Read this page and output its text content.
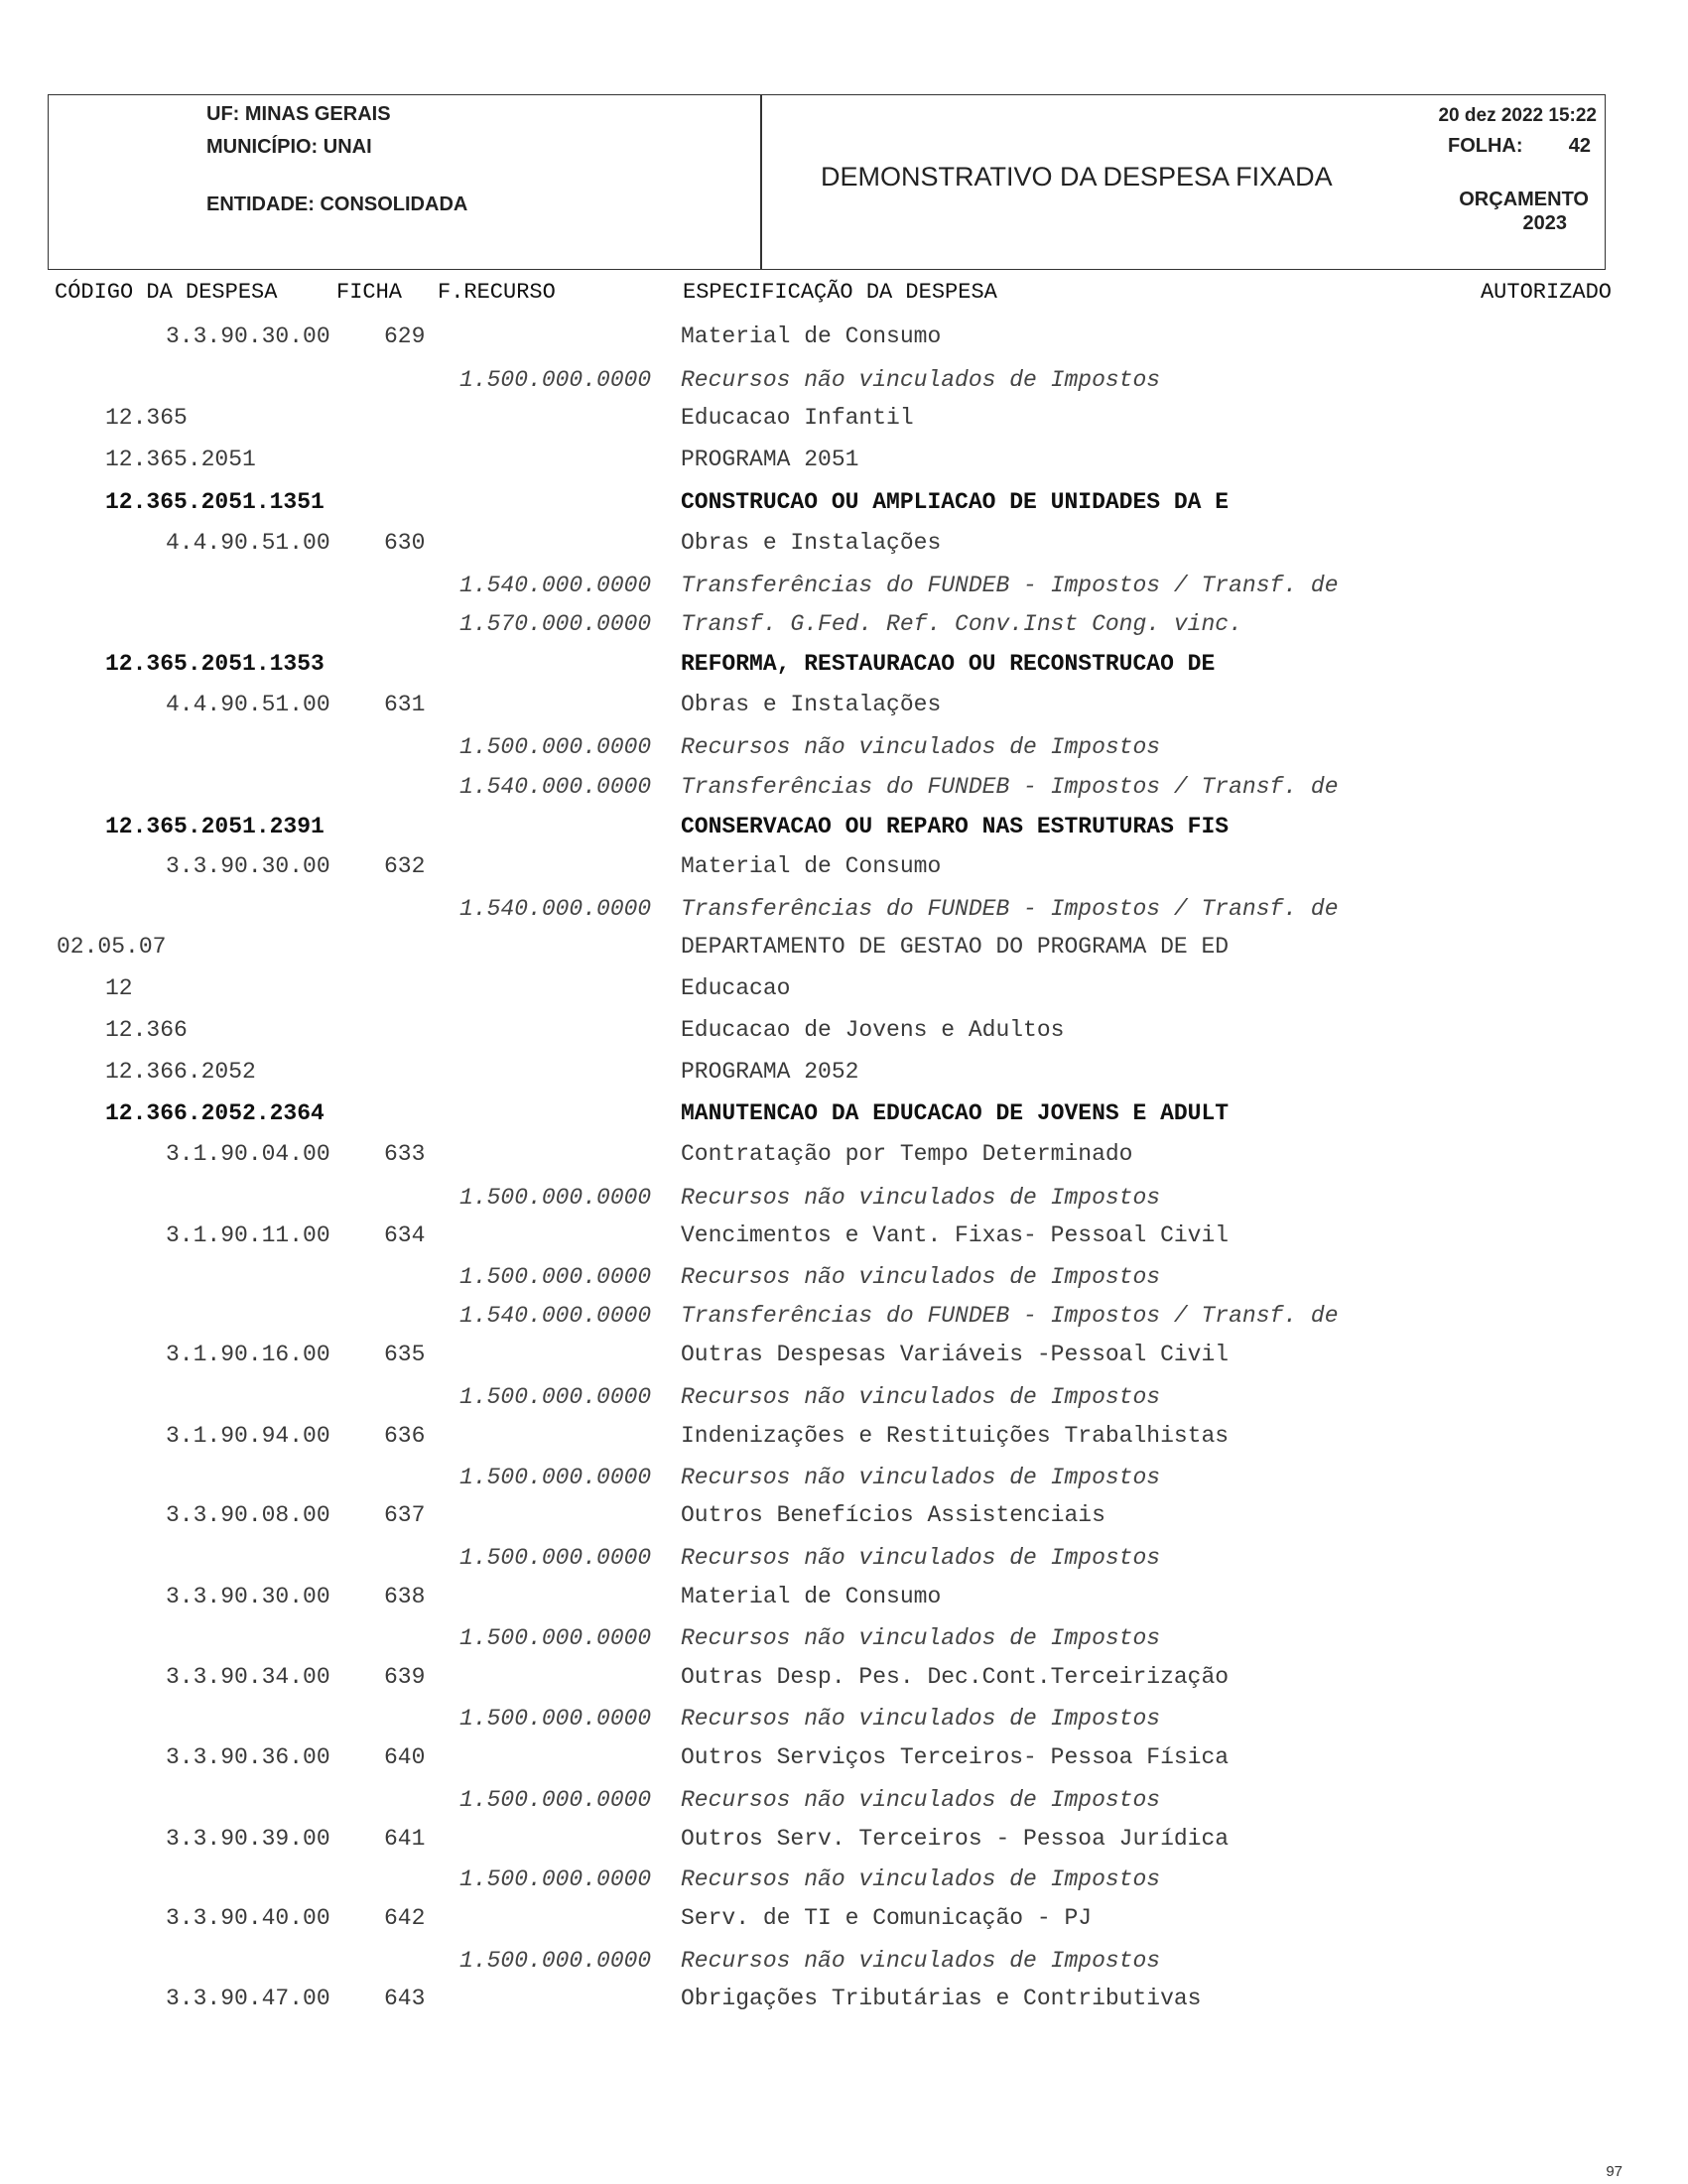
UF: MINAS GERAIS
MUNICÍPIO: UNAI
ENTIDADE: CONSOLIDADA
DEMONSTRATIVO DA DESPESA FIXADA
20 dez 2022 15:22
FOLHA: 42
ORÇAMENTO
2023
CÓDIGO DA DESPESA	FICHA F.RECURSO	ESPECIFICAÇÃO DA DESPESA	AUTORIZADO
3.3.90.30.00 629	Material de Consumo
1.500.000.0000 Recursos não vinculados de Impostos
12.365	Educacao Infantil
12.365.2051	PROGRAMA 2051
12.365.2051.1351	CONSTRUCAO OU AMPLIACAO DE UNIDADES DA E
4.4.90.51.00 630	Obras e Instalações
1.540.000.0000 Transferências do FUNDEB - Impostos / Transf. de
1.570.000.0000 Transf. G.Fed. Ref. Conv.Inst Cong. vinc.
12.365.2051.1353	REFORMA, RESTAURACAO OU RECONSTRUCAO DE
4.4.90.51.00 631	Obras e Instalações
1.500.000.0000 Recursos não vinculados de Impostos
1.540.000.0000 Transferências do FUNDEB - Impostos / Transf. de
12.365.2051.2391	CONSERVACAO OU REPARO NAS ESTRUTURAS FIS
3.3.90.30.00 632	Material de Consumo
1.540.000.0000 Transferências do FUNDEB - Impostos / Transf. de
02.05.07	DEPARTAMENTO DE GESTAO DO PROGRAMA DE ED
12	Educacao
12.366	Educacao de Jovens e Adultos
12.366.2052	PROGRAMA 2052
12.366.2052.2364	MANUTENCAO DA EDUCACAO DE JOVENS E ADULT
3.1.90.04.00 633	Contratação por Tempo Determinado
1.500.000.0000 Recursos não vinculados de Impostos
3.1.90.11.00 634	Vencimentos e Vant. Fixas- Pessoal Civil
1.500.000.0000 Recursos não vinculados de Impostos
1.540.000.0000 Transferências do FUNDEB - Impostos / Transf. de
3.1.90.16.00 635	Outras Despesas Variáveis -Pessoal Civil
1.500.000.0000 Recursos não vinculados de Impostos
3.1.90.94.00 636	Indenizações e Restituições Trabalhistas
1.500.000.0000 Recursos não vinculados de Impostos
3.3.90.08.00 637	Outros Benefícios Assistenciais
1.500.000.0000 Recursos não vinculados de Impostos
3.3.90.30.00 638	Material de Consumo
1.500.000.0000 Recursos não vinculados de Impostos
3.3.90.34.00 639	Outras Desp. Pes. Dec.Cont.Terceirização
1.500.000.0000 Recursos não vinculados de Impostos
3.3.90.36.00 640	Outros Serviços Terceiros- Pessoa Física
1.500.000.0000 Recursos não vinculados de Impostos
3.3.90.39.00 641	Outros Serv. Terceiros - Pessoa Jurídica
1.500.000.0000 Recursos não vinculados de Impostos
3.3.90.40.00 642	Serv. de TI e Comunicação - PJ
1.500.000.0000 Recursos não vinculados de Impostos
3.3.90.47.00 643	Obrigações Tributárias e Contributivas
97
